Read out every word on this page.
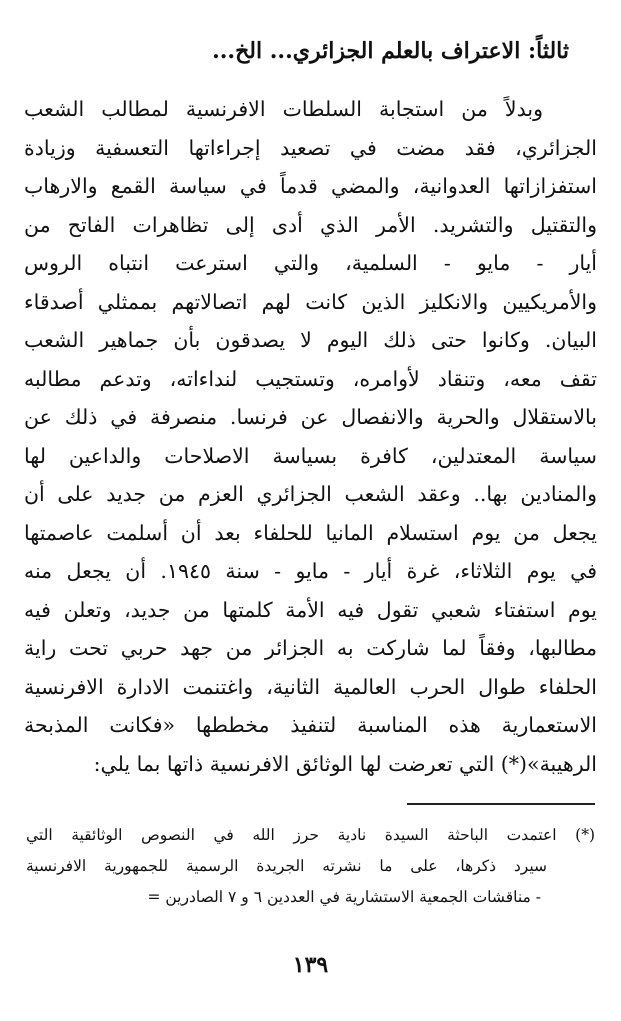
ثالثاً: الاعتراف بالعلم الجزائري... الخ...
وبدلاً من استجابة السلطات الافرنسية لمطالب الشعب
الجزائري، فقد مضت في تصعيد إجراءاتها التعسفية وزيادة
استفزازاتها العدوانية، والمضي قدماً في سياسة القمع والارهاب
والتقتيل والتشريد. الأمر الذي أدى إلى تظاهرات الفاتح من
أيار - مايو - السلمية، والتي استرعت انتباه الروس
والأمريكيين والانكليز الذين كانت لهم اتصالاتهم بممثلي أصدقاء
البيان. وكانوا حتى ذلك اليوم لا يصدقون بأن جماهير الشعب
تقف معه، وتنقاد لأوامره، وتستجيب لنداءاته، وتدعم مطالبه
بالاستقلال والحرية والانفصال عن فرنسا. منصرفة في ذلك عن
سياسة المعتدلين، كافرة بسياسة الاصلاحات والداعين لها
والمنادين بها.. وعقد الشعب الجزائري العزم من جديد على أن
يجعل من يوم استسلام المانيا للحلفاء بعد أن أسلمت عاصمتها
في يوم الثلاثاء، غرة أيار - مايو - سنة ١٩٤٥. أن يجعل منه
يوم استفتاء شعبي تقول فيه الأمة كلمتها من جديد، وتعلن فيه
مطالبها، وفقاً لما شاركت به الجزائر من جهد حربي تحت راية
الحلفاء طوال الحرب العالمية الثانية، واغتنمت الادارة الافرنسية
الاستعمارية هذه المناسبة لتنفيذ مخططها «فكانت المذبحة
الرهيبة»(*) التي تعرضت لها الوثائق الافرنسية ذاتها بما يلي:
(*) اعتمدت الباحثة السيدة نادية حرز الله في النصوص الوثائقية التي
سيرد ذكرها، على ما نشرته الجريدة الرسمية للجمهورية الافرنسية
- مناقشات الجمعية الاستشارية في العددين ٦ و ٧ الصادرين =
١٣٩
